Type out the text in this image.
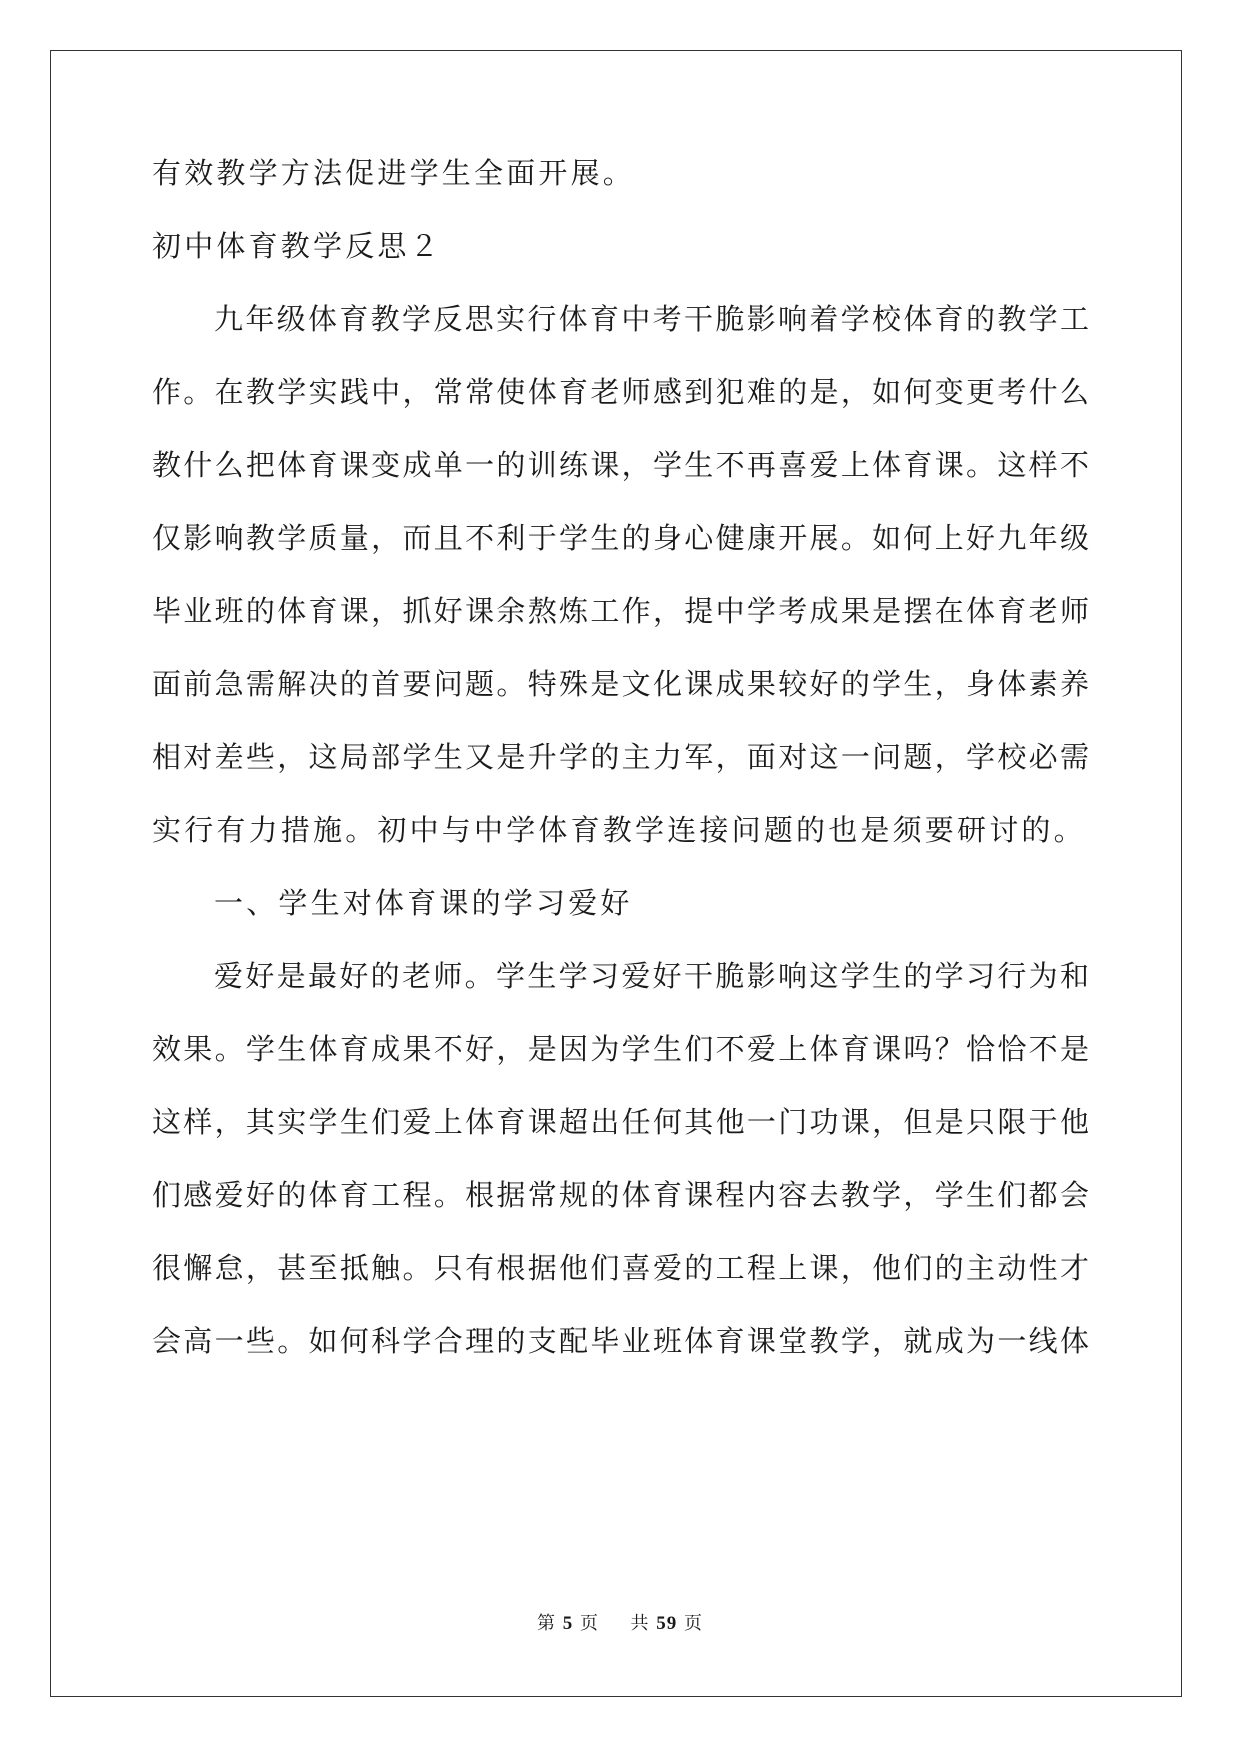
有效教学方法促进学生全面开展。
初中体育教学反思２
九年级体育教学反思实行体育中考干脆影响着学校体育的教学工
作。在教学实践中，常常使体育老师感到犯难的是，如何变更考什么
教什么把体育课变成单一的训练课，学生不再喜爱上体育课。这样不
仅影响教学质量，而且不利于学生的身心健康开展。如何上好九年级
毕业班的体育课，抓好课余熬炼工作，提中学考成果是摆在体育老师
面前急需解决的首要问题。特殊是文化课成果较好的学生，身体素养
相对差些，这局部学生又是升学的主力军，面对这一问题，学校必需
实行有力措施。初中与中学体育教学连接问题的也是须要研讨的。
一、学生对体育课的学习爱好
爱好是最好的老师。学生学习爱好干脆影响这学生的学习行为和
效果。学生体育成果不好，是因为学生们不爱上体育课吗？恰恰不是
这样，其实学生们爱上体育课超出任何其他一门功课，但是只限于他
们感爱好的体育工程。根据常规的体育课程内容去教学，学生们都会
很懈怠，甚至抵触。只有根据他们喜爱的工程上课，他们的主动性才
会高一些。如何科学合理的支配毕业班体育课堂教学，就成为一线体
第 5 页 共 59 页
